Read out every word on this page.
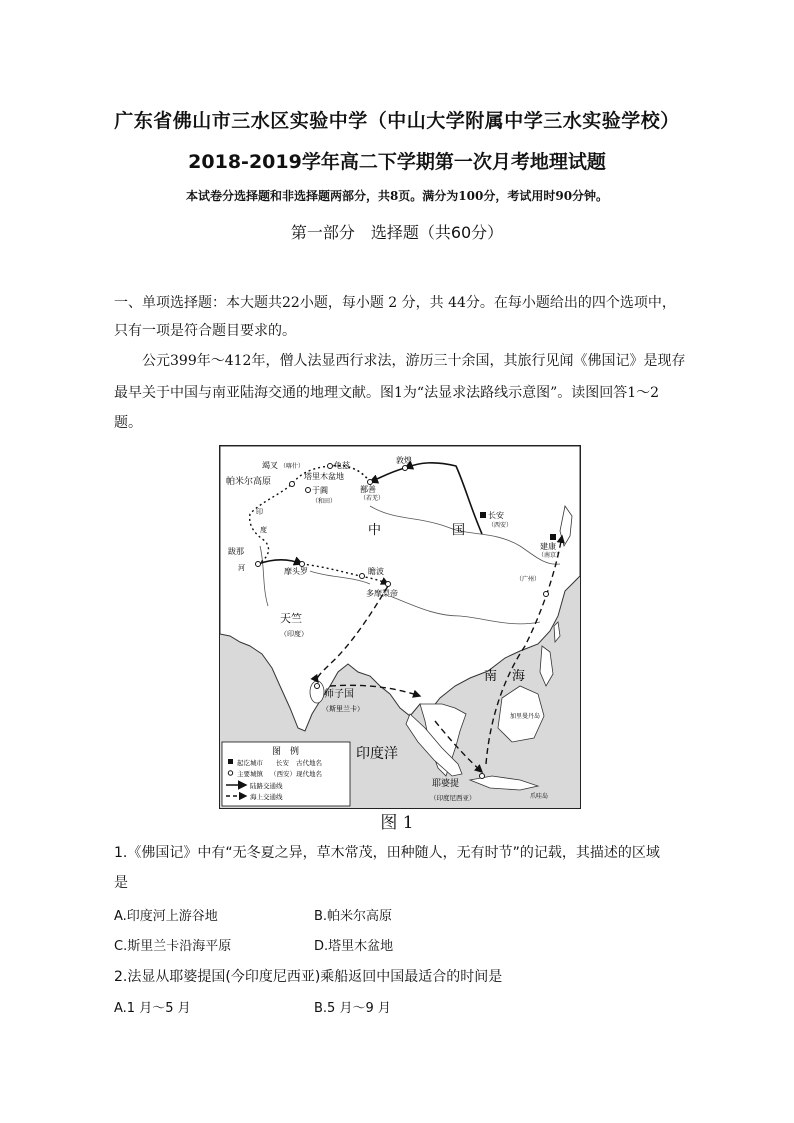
广东省佛山市三水区实验中学（中山大学附属中学三水实验学校）
2018-2019学年高二下学期第一次月考地理试题
本试卷分选择题和非选择题两部分，共8页。满分为100分，考试用时90分钟。
第一部分　选择题（共60分）
一、单项选择题：本大题共22小题，每小题 2 分，共 44分。在每小题给出的四个选项中，
只有一项是符合题目要求的。
公元399年～412年，僧人法显西行求法，游历三十余国，其旅行见闻《佛国记》是现存
最早关于中国与南亚陆海交通的地理文献。图1为“法显求法路线示意图”。读图回答1～2
题。
帕米尔高原
竭叉 （喀什）	龟兹
塔里木盆地
于阗
（和田）
鄯善
（若羌）
敦煌
中	国
长安
（西安）
建康
（南京）
（广州）
跋那
摩头罗	瞻波
多摩梨帝
天竺
（印度）
师子国
（斯里兰卡）
南 海
印度洋
耶婆提
（印度尼西亚）
加里曼丹岛
爪哇岛
印
度
河
图　例
起讫城市 长安 古代地名
主要城镇 （西安） 现代地名
陆路交通线
海上交通线
图 1
1.《佛国记》中有“无冬夏之异，草木常茂，田种随人，无有时节”的记载，其描述的区域
是
A.印度河上游谷地	B.帕米尔高原
C.斯里兰卡沿海平原	D.塔里木盆地
2.法显从耶婆提国(今印度尼西亚)乘船返回中国最适合的时间是
A.1 月～5 月	B.5 月～9 月
